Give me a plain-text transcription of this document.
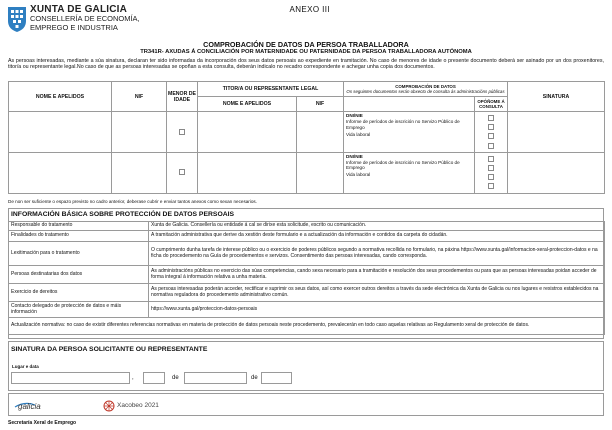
XUNTA DE GALICIA
CONSELLERÍA DE ECONOMÍA,
EMPREGO E INDUSTRIA
ANEXO III
COMPROBACIÓN DE DATOS DA PERSOA TRABALLADORA
TR341R- AXUDAS Á CONCILIACIÓN POR MATERNIDADE OU PATERNIDADE DA PERSOA TRABALLADORA AUTÓNOMA
As persoas interesadas, mediante a súa sinatura, declaran ter sido informadas da incorporación dos seus datos persoais ao expediente en tramitación. No caso de menores de idade o presente documento deberá ser asinado por un dos proxenitores, titor/a ou representante legal.No caso de que as persoas interesadas se opoñan a esta consulta, deberán indicalo no recadro correspondente e achegar unha copia dos documentos.
NOME E APELIDOS	NIF	MENOR DE IDADE	TITOR/A OU REPRESENTANTE LEGAL		COMPROBACIÓN DE DATOS
Os seguintes documentos serán obxecto de consulta ás administracións públicas		SINATURA
			NOME E APELIDOS	NIF		OPÓÑOME Á CONSULTA	

					DNI/NIE
Informe de períodos de inscrición no Servizo Público de Emprego
Vida laboral		

					DNI/NIE
Informe de períodos de inscrición no Servizo Público de Emprego
Vida laboral		

De non ser suficiente o espazo previsto no cadro anterior, deberase cubrir e enviar tantos anexos como sexan necesarios.
INFORMACIÓN BÁSICA SOBRE PROTECCIÓN DE DATOS PERSOAIS
Responsable do tratamento	Xunta de Galicia. Consellería ou entidade á cal se dirixe esta solicitude, escrito ou comunicación.
Finalidades do tratamento	A tramitación administrativa que derive da xestión deste formulario e a actualización da información e contidos da carpeta do cidadán.
Lexitimación para o tratamento	O cumprimento dunha tarefa de interese público ou o exercicio de poderes públicos segundo a normativa recollida no formulario, na páxina https://www.xunta.gal/informacion-xeral-proteccion-datos e na ficha do procedemento na Guía de procedementos e servizos. Consentimento das persoas interesadas, cando corresponda.
Persoas destinatarias dos datos	As administracións públicas no exercicio das súas competencias, cando sexa necesario para a tramitación e resolución dos seus procedementos ou para que as persoas interesadas poidan acceder de forma integral á información relativa a unha materia.
Exercicio de dereitos	As persoas interesadas poderán acceder, rectificar e suprimir os seus datos, así como exercer outros dereitos a través da sede electrónica da Xunta de Galicia ou nos lugares e rexistros establecidos na normativa reguladora do procedemento administrativo común.
Contacto delegado de protección de datos e máis información	https://www.xunta.gal/proteccion-datos-persoais
Actualización normativa: no caso de existir diferentes referencias normativas en materia de protección de datos persoais neste procedemento, prevalecerán en todo caso aquelas relativas ao Regulamento xeral de protección de datos.	
SINATURA DA PERSOA SOLICITANTE OU REPRESENTANTE
Lugar e data
,	de	de
galicia	Xacobeo 2021
Secretaría Xeral de Emprego
